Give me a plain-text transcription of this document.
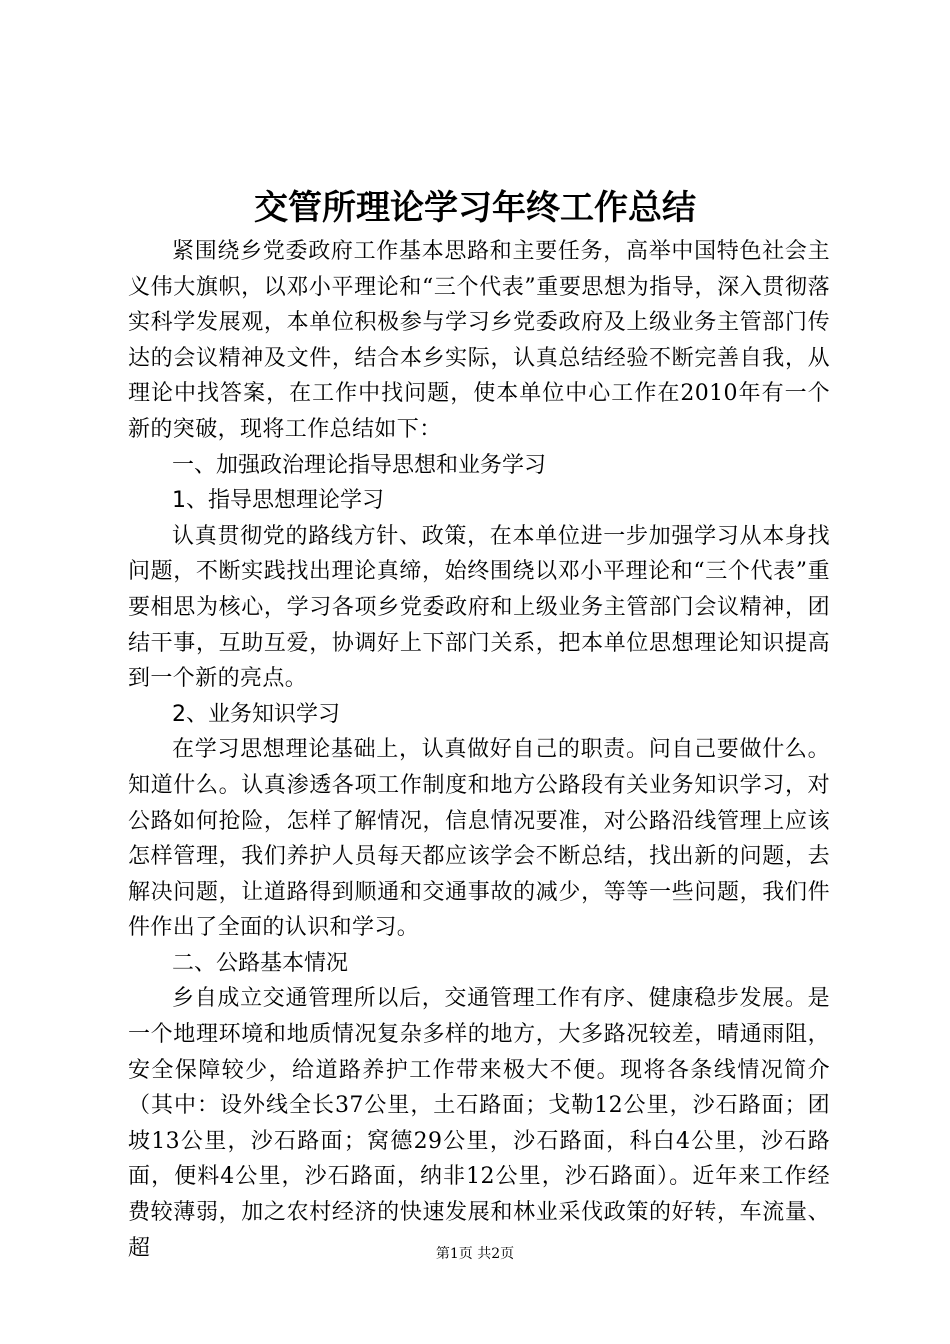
交管所理论学习年终工作总结

紧围绕乡党委政府工作基本思路和主要任务，高举中国特色社会主义伟大旗帜，以邓小平理论和“三个代表”重要思想为指导，深入贯彻落实科学发展观，本单位积极参与学习乡党委政府及上级业务主管部门传达的会议精神及文件，结合本乡实际，认真总结经验不断完善自我，从理论中找答案，在工作中找问题，使本单位中心工作在2010年有一个新的突破，现将工作总结如下：

一、加强政治理论指导思想和业务学习

1、指导思想理论学习

认真贯彻党的路线方针、政策，在本单位进一步加强学习从本身找问题，不断实践找出理论真缔，始终围绕以邓小平理论和“三个代表”重要相思为核心，学习各项乡党委政府和上级业务主管部门会议精神，团结干事，互助互爱，协调好上下部门关系，把本单位思想理论知识提高到一个新的亮点。

2、业务知识学习

在学习思想理论基础上，认真做好自己的职责。问自己要做什么。知道什么。认真渗透各项工作制度和地方公路段有关业务知识学习，对公路如何抢险，怎样了解情况，信息情况要准，对公路沿线管理上应该怎样管理，我们养护人员每天都应该学会不断总结，找出新的问题，去解决问题，让道路得到顺通和交通事故的减少，等等一些问题，我们件件作出了全面的认识和学习。

二、公路基本情况

乡自成立交通管理所以后，交通管理工作有序、健康稳步发展。是一个地理环境和地质情况复杂多样的地方，大多路况较差，晴通雨阻，安全保障较少，给道路养护工作带来极大不便。现将各条线情况简介（其中：设外线全长37公里，土石路面；戈勒12公里，沙石路面；团坡13公里，沙石路面；窝德29公里，沙石路面，科白4公里，沙石路面，便料4公里，沙石路面，纳非12公里，沙石路面）。近年来工作经费较薄弱，加之农村经济的快速发展和林业采伐政策的好转，车流量、超	第1页 共2页
